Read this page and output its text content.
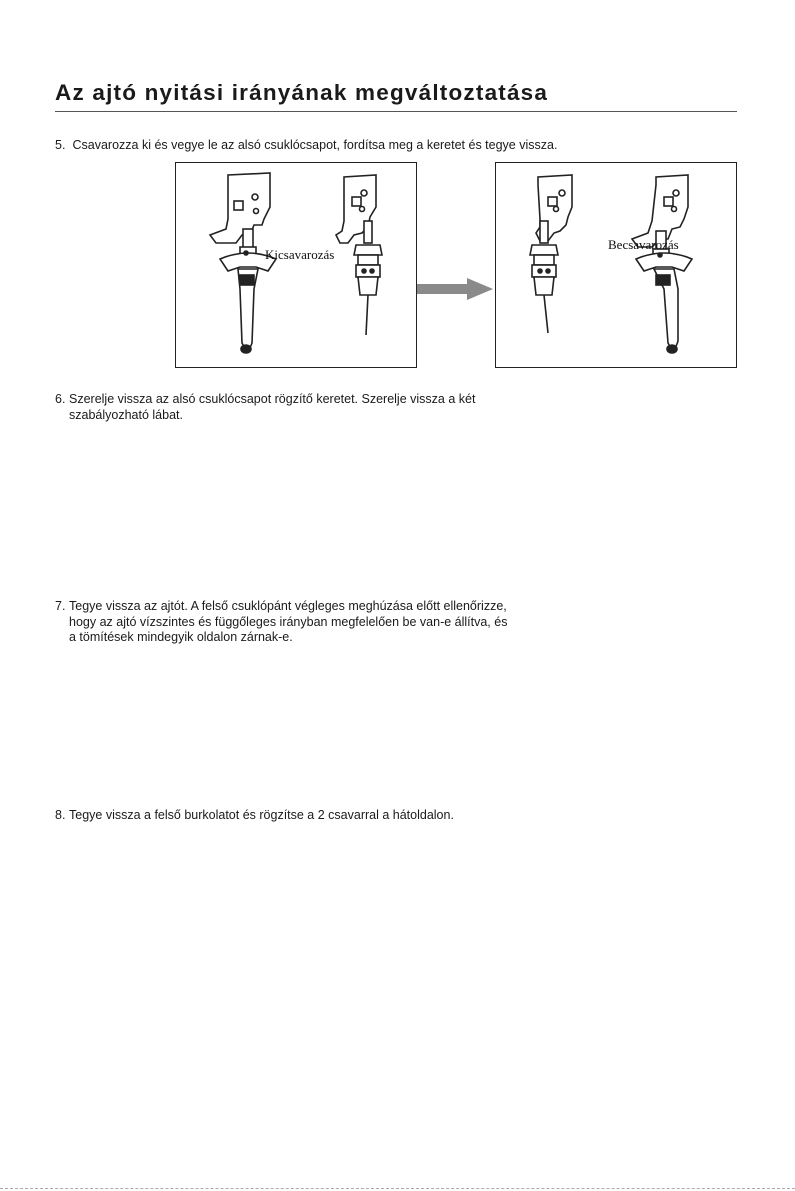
Az ajtó nyitási irányának megváltoztatása
5. Csavarozza ki és vegye le az alsó csuklócsapot, fordítsa meg a keretet és tegye vissza.
Kicsavarozás
Becsavarozás
6. Szerelje vissza az alsó csuklócsapot rögzítő keretet. Szerelje vissza a két szabályozható lábat.
7. Tegye vissza az ajtót. A felső csuklópánt végleges meghúzása előtt ellenőrizze, hogy az ajtó vízszintes és függőleges irányban megfelelően be van-e állítva, és a tömítések mindegyik oldalon zárnak-e.
8. Tegye vissza a felső burkolatot és rögzítse a 2 csavarral a hátoldalon.
